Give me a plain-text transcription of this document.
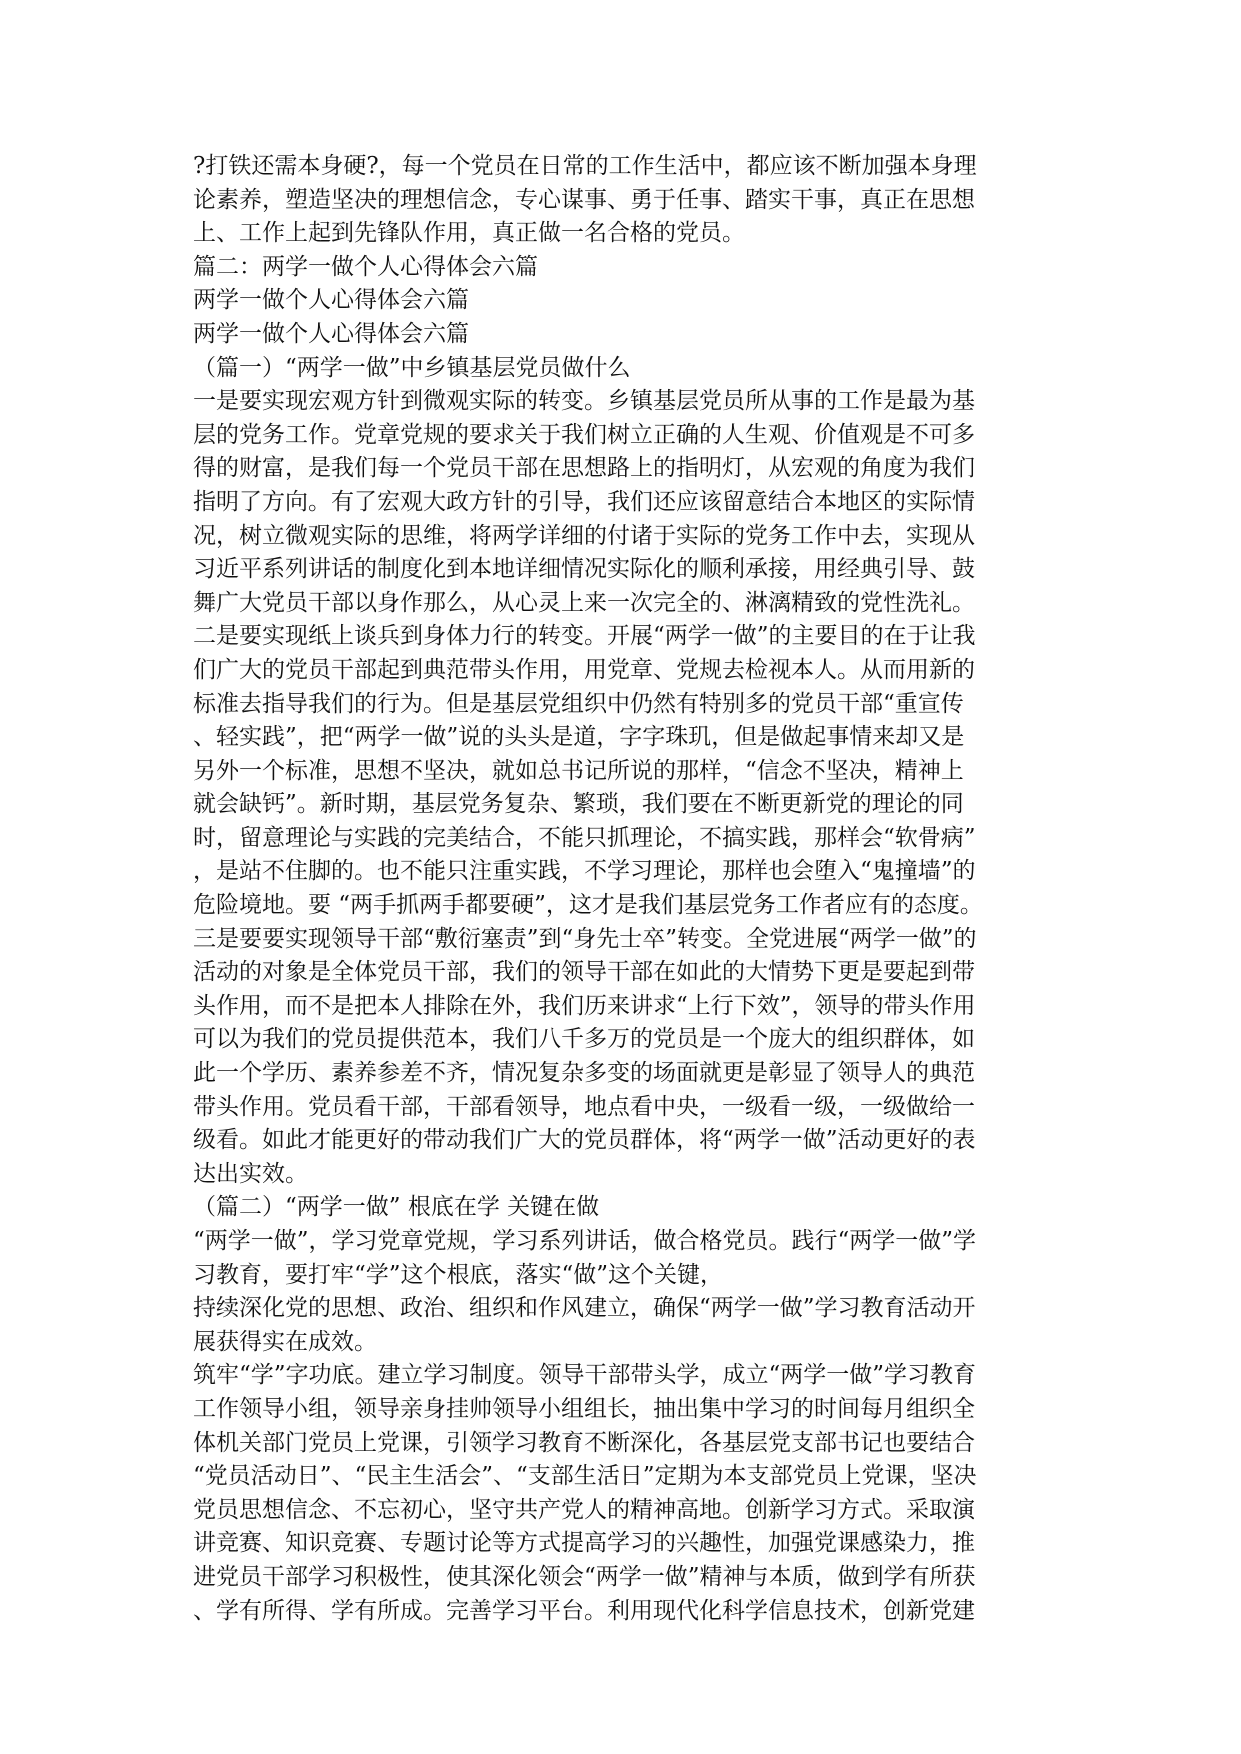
?打铁还需本身硬?，每一个党员在日常的工作生活中，都应该不断加强本身理
论素养，塑造坚决的理想信念，专心谋事、勇于任事、踏实干事，真正在思想
上、工作上起到先锋队作用，真正做一名合格的党员。
篇二：两学一做个人心得体会六篇
两学一做个人心得体会六篇
两学一做个人心得体会六篇
（篇一）“两学一做”中乡镇基层党员做什么
一是要实现宏观方针到微观实际的转变。乡镇基层党员所从事的工作是最为基
层的党务工作。党章党规的要求关于我们树立正确的人生观、价值观是不可多
得的财富，是我们每一个党员干部在思想路上的指明灯，从宏观的角度为我们
指明了方向。有了宏观大政方针的引导，我们还应该留意结合本地区的实际情
况，树立微观实际的思维，将两学详细的付诸于实际的党务工作中去，实现从
习近平系列讲话的制度化到本地详细情况实际化的顺利承接，用经典引导、鼓
舞广大党员干部以身作那么，从心灵上来一次完全的、淋漓精致的党性洗礼。
二是要实现纸上谈兵到身体力行的转变。开展“两学一做”的主要目的在于让我
们广大的党员干部起到典范带头作用，用党章、党规去检视本人。从而用新的
标准去指导我们的行为。但是基层党组织中仍然有特别多的党员干部“重宣传
、轻实践”，把“两学一做”说的头头是道，字字珠玑，但是做起事情来却又是
另外一个标准，思想不坚决，就如总书记所说的那样，“信念不坚决，精神上
就会缺钙”。新时期，基层党务复杂、繁琐，我们要在不断更新党的理论的同
时，留意理论与实践的完美结合，不能只抓理论，不搞实践，那样会“软骨病”
，是站不住脚的。也不能只注重实践，不学习理论，那样也会堕入“鬼撞墙”的
危险境地。要 “两手抓两手都要硬”，这才是我们基层党务工作者应有的态度。
三是要要实现领导干部“敷衍塞责”到“身先士卒”转变。全党进展“两学一做”的
活动的对象是全体党员干部，我们的领导干部在如此的大情势下更是要起到带
头作用，而不是把本人排除在外，我们历来讲求“上行下效”，领导的带头作用
可以为我们的党员提供范本，我们八千多万的党员是一个庞大的组织群体，如
此一个学历、素养参差不齐，情况复杂多变的场面就更是彰显了领导人的典范
带头作用。党员看干部，干部看领导，地点看中央，一级看一级，一级做给一
级看。如此才能更好的带动我们广大的党员群体，将“两学一做”活动更好的表
达出实效。
（篇二）“两学一做” 根底在学 关键在做
“两学一做”，学习党章党规，学习系列讲话，做合格党员。践行“两学一做”学
习教育，要打牢“学”这个根底，落实“做”这个关键，
持续深化党的思想、政治、组织和作风建立，确保“两学一做”学习教育活动开
展获得实在成效。
筑牢“学”字功底。建立学习制度。领导干部带头学，成立“两学一做”学习教育
工作领导小组，领导亲身挂帅领导小组组长，抽出集中学习的时间每月组织全
体机关部门党员上党课，引领学习教育不断深化，各基层党支部书记也要结合
“党员活动日”、“民主生活会”、“支部生活日”定期为本支部党员上党课，坚决
党员思想信念、不忘初心，坚守共产党人的精神高地。创新学习方式。采取演
讲竞赛、知识竞赛、专题讨论等方式提高学习的兴趣性，加强党课感染力，推
进党员干部学习积极性，使其深化领会“两学一做”精神与本质，做到学有所获
、学有所得、学有所成。完善学习平台。利用现代化科学信息技术，创新党建
